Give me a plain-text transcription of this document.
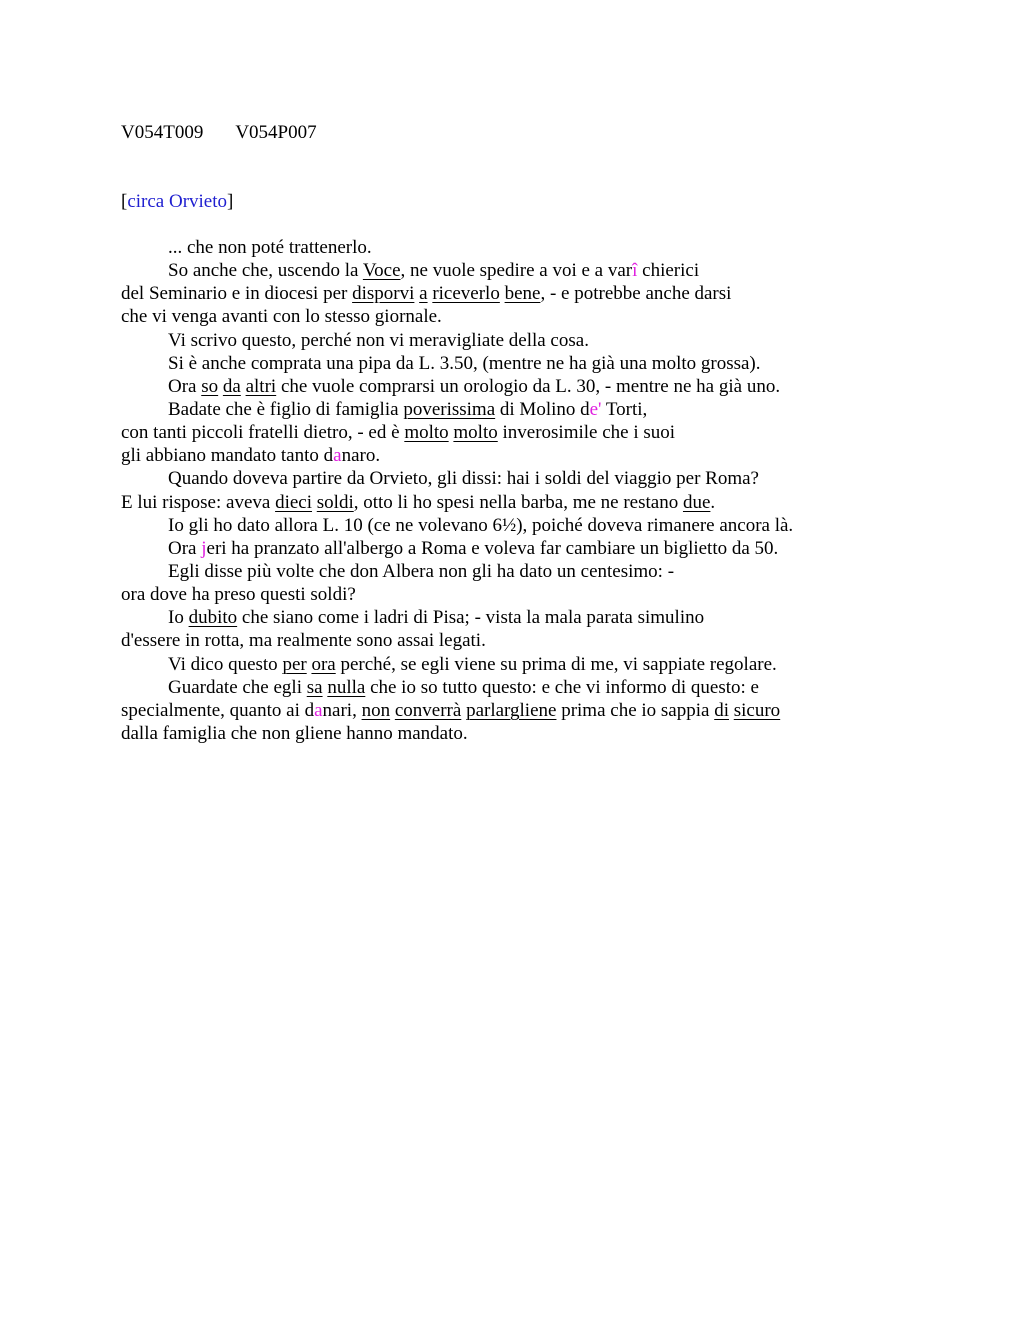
V054T009 V054P007
[circa Orvieto]
... che non poté trattenerlo.
So anche che, uscendo la Voce, ne vuole spedire a voi e a varî chierici
del Seminario e in diocesi per disporvi a riceverlo bene, - e potrebbe anche darsi
che vi venga avanti con lo stesso giornale.
Vi scrivo questo, perché non vi meravigliate della cosa.
Si è anche comprata una pipa da L. 3.50, (mentre ne ha già una molto grossa).
Ora so da altri che vuole comprarsi un orologio da L. 30, - mentre ne ha già uno.
Badate che è figlio di famiglia poverissima di Molino de' Torti,
con tanti piccoli fratelli dietro, - ed è molto molto inverosimile che i suoi
gli abbiano mandato tanto danaro.
Quando doveva partire da Orvieto, gli dissi: hai i soldi del viaggio per Roma?
E lui rispose: aveva dieci soldi, otto li ho spesi nella barba, me ne restano due.
Io gli ho dato allora L. 10 (ce ne volevano 6½), poiché doveva rimanere ancora là.
Ora jeri ha pranzato all'albergo a Roma e voleva far cambiare un biglietto da 50.
Egli disse più volte che don Albera non gli ha dato un centesimo: -
ora dove ha preso questi soldi?
Io dubito che siano come i ladri di Pisa; - vista la mala parata simulino
d'essere in rotta, ma realmente sono assai legati.
Vi dico questo per ora perché, se egli viene su prima di me, vi sappiate regolare.
Guardate che egli sa nulla che io so tutto questo: e che vi informo di questo: e
specialmente, quanto ai danari, non converrà parlargliene prima che io sappia di sicuro
dalla famiglia che non gliene hanno mandato.
